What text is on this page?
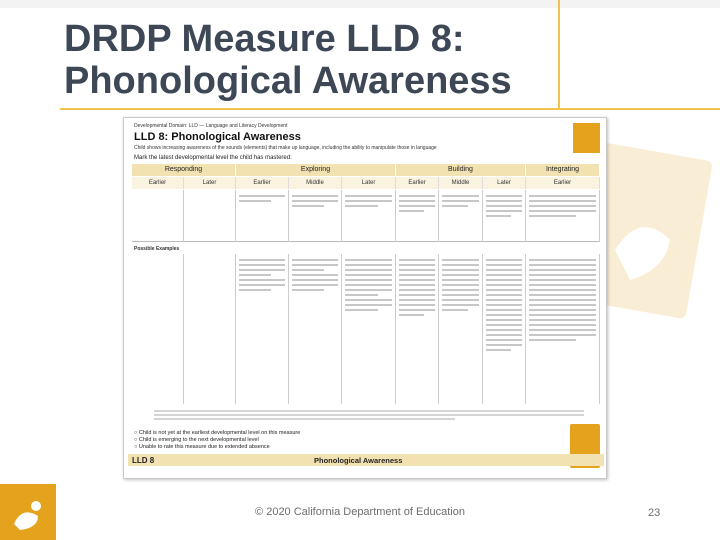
DRDP Measure LLD 8:
Phonological Awareness
Developmental Domain: LLD — Language and Literacy Development
LLD 8: Phonological Awareness
Child shows increasing awareness of the sounds (elements) that make up language, including the ability to manipulate those in language
Mark the latest developmental level the child has mastered:
Responding	Exploring	Building	Integrating
Earlier	Later	Earlier	Middle	Later	Earlier	Middle	Later	Earlier
Possible Examples
○ Child is not yet at the earliest developmental level on this measure
○ Child is emerging to the next developmental level
○ Unable to rate this measure due to extended absence
LLD 8	Phonological Awareness
© 2020 California Department of Education	23
